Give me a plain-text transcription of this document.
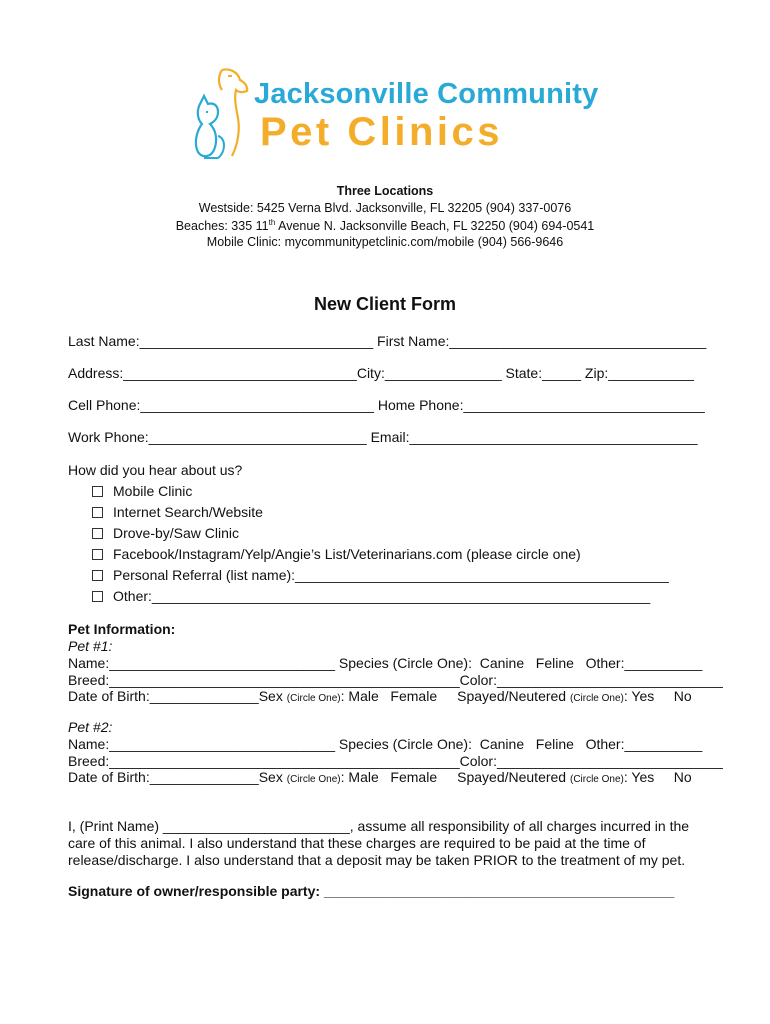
Jacksonville Community
Pet Clinics
Three Locations
Westside: 5425 Verna Blvd. Jacksonville, FL 32205 (904) 337-0076
Beaches: 335 11th Avenue N. Jacksonville Beach, FL 32250 (904) 694-0541
Mobile Clinic: mycommunitypetclinic.com/mobile (904) 566-9646
New Client Form
Last Name:______________________________ First Name:_________________________________
Address:______________________________City:_______________ State:_____ Zip:___________
Cell Phone:______________________________ Home Phone:_______________________________
Work Phone:____________________________ Email:_____________________________________
How did you hear about us?
Mobile Clinic
Internet Search/Website
Drove-by/Saw Clinic
Facebook/Instagram/Yelp/Angie’s List/Veterinarians.com (please circle one)
Personal Referral (list name):________________________________________________
Other:________________________________________________________________
Pet Information:
Pet #1:
Name:_____________________________ Species (Circle One):  Canine   Feline   Other:__________
Breed:_____________________________________________Color:_____________________________
Date of Birth:______________Sex (Circle One): Male   Female Spayed/Neutered (Circle One): Yes     No
Pet #2:
Name:_____________________________ Species (Circle One):  Canine   Feline   Other:__________
Breed:_____________________________________________Color:_____________________________
Date of Birth:______________Sex (Circle One): Male   Female Spayed/Neutered (Circle One): Yes     No
I, (Print Name) ________________________, assume all responsibility of all charges incurred in the care of this animal. I also understand that these charges are required to be paid at the time of release/discharge. I also understand that a deposit may be taken PRIOR to the treatment of my pet.
Signature of owner/responsible party: _____________________________________________
